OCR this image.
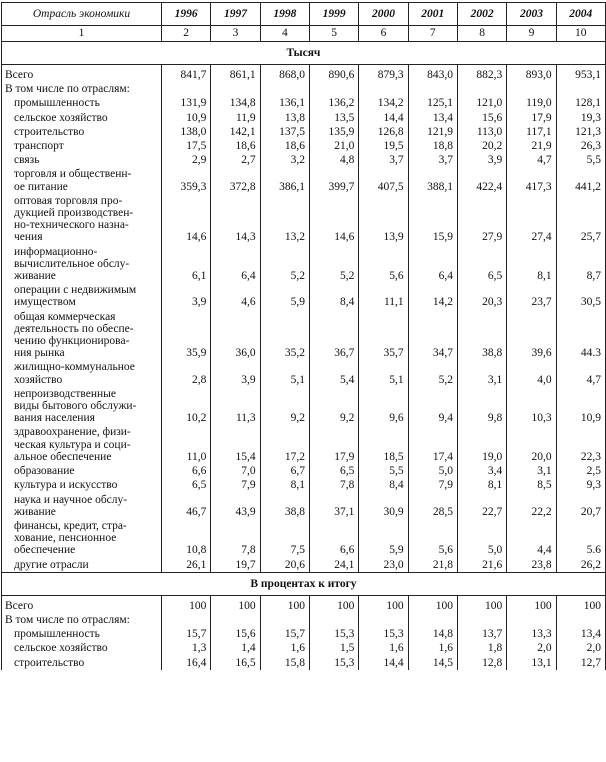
Отрасль экономики	1996	1997	1998	1999	2000	2001	2002	2003	2004
1	2	3	4	5	6	7	8	9	10
Тысяч									

Всего	841,7	861,1	868,0	890,6	879,3	843,0	882,3	893,0	953,1

В том числе по отраслям:									

промышленность	131,9	134,8	136,1	136,2	134,2	125,1	121,0	119,0	128,1

сельское хозяйство	10,9	11,9	13,8	13,5	14,4	13,4	15,6	17,9	19,3

строительство	138,0	142,1	137,5	135,9	126,8	121,9	113,0	117,1	121,3

транспорт	17,5	18,6	18,6	21,0	19,5	18,8	20,2	21,9	26,3

связь	2,9	2,7	3,2	4,8	3,7	3,7	3,9	4,7	5,5

торговля и общественн-
ое питание	359,3	372,8	386,1	399,7	407,5	388,1	422,4	417,3	441,2

оптовая торговля про-
дукцией производствен-
но-технического назна-
чения	14,6	14,3	13,2	14,6	13,9	15,9	27,9	27,4	25,7

информационно-
вычислительное обслу-
живание	6,1	6,4	5,2	5,2	5,6	6,4	6,5	8,1	8,7

операции с недвижимым
имуществом	3,9	4,6	5,9	8,4	11,1	14,2	20,3	23,7	30,5

общая коммерческая
деятельность по обеспе-
чению функционирова-
ния рынка	35,9	36,0	35,2	36,7	35,7	34,7	38,8	39,6	44.3

жилищно-коммунальное
хозяйство	2,8	3,9	5,1	5,4	5,1	5,2	3,1	4,0	4,7

непроизводственные
виды бытового обслужи-
вания населения	10,2	11,3	9,2	9,2	9,6	9,4	9,8	10,3	10,9

здравоохранение, физи-
ческая культура и соци-
альное обеспечение	11,0	15,4	17,2	17,9	18,5	17,4	19,0	20,0	22,3

образование	6,6	7,0	6,7	6,5	5,5	5,0	3,4	3,1	2,5

культура и искусство	6,5	7,9	8,1	7,8	8,4	7,9	8,1	8,5	9,3

наука и научное обслу-
живание	46,7	43,9	38,8	37,1	30,9	28,5	22,7	22,2	20,7

финансы, кредит, стра-
хование, пенсионное
обеспечение	10,8	7,8	7,5	6,6	5,9	5,6	5,0	4,4	5.6

другие отрасли	26,1	19,7	20,6	24,1	23,0	21,8	21,6	23,8	26,2
В процентах к итогу									

Всего	100	100	100	100	100	100	100	100	100

В том числе по отраслям:									

промышленность	15,7	15,6	15,7	15,3	15,3	14,8	13,7	13,3	13,4

сельское хозяйство	1,3	1,4	1,6	1,5	1,6	1,6	1,8	2,0	2,0

строительство	16,4	16,5	15,8	15,3	14,4	14,5	12,8	13,1	12,7
